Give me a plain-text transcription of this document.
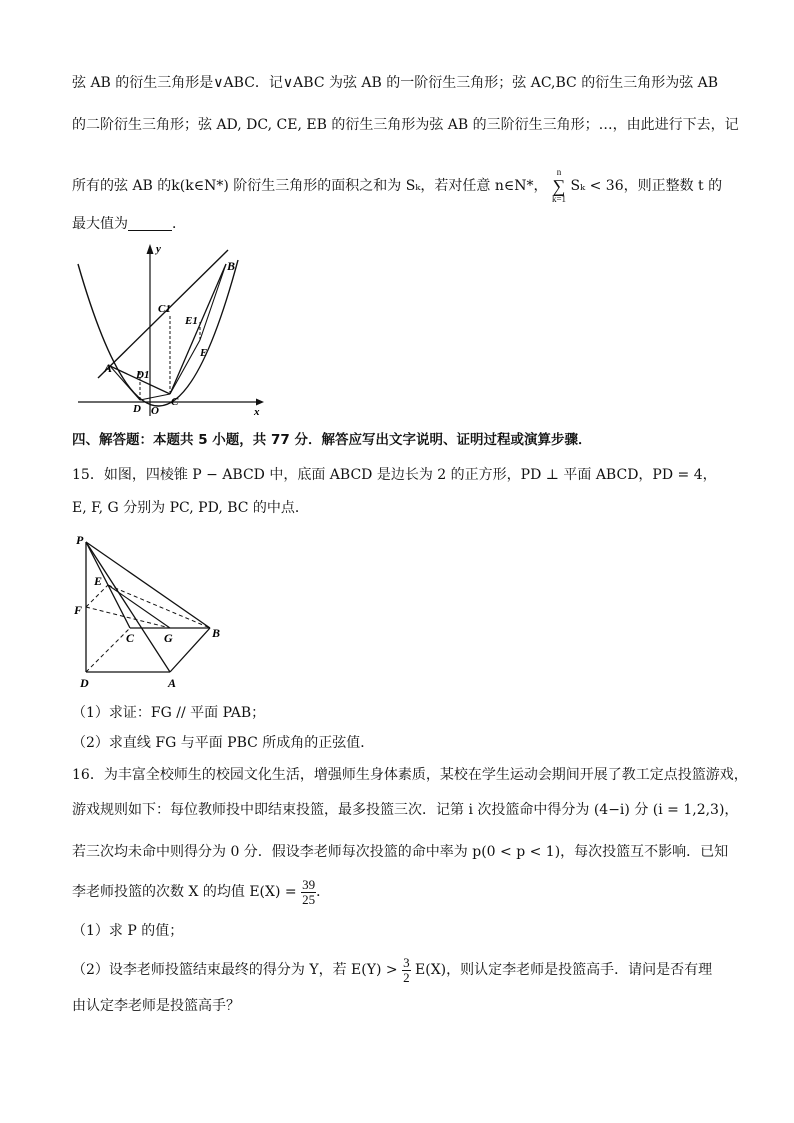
弦 AB 的衍生三角形是∨ABC．记∨ABC 为弦 AB 的一阶衍生三角形；弦 AC,BC 的衍生三角形为弦 AB
的二阶衍生三角形；弦 AD, DC, CE, EB 的衍生三角形为弦 AB 的三阶衍生三角形；…，由此进行下去，记
所有的弦 AB 的k(k∈N*) 阶衍生三角形的面积之和为 Sₖ，若对任意 n∈N*，
n
∑
k=1
Sₖ < 36，则正整数 t 的
最大值为	．
y
x
B
C1
E1
E
A D1
D O
C
四、解答题：本题共 5 小题，共 77 分．解答应写出文字说明、证明过程或演算步骤．
15．如图，四棱锥 P − ABCD 中，底面 ABCD 是边长为 2 的正方形，PD ⊥ 平面 ABCD，PD = 4，
E, F, G 分别为 PC, PD, BC 的中点．
P
E
F
C G	B
D	A
（1）求证：FG // 平面 PAB；
（2）求直线 FG 与平面 PBC 所成角的正弦值．
16．为丰富全校师生的校园文化生活，增强师生身体素质，某校在学生运动会期间开展了教工定点投篮游戏，
游戏规则如下：每位教师投中即结束投篮，最多投篮三次．记第 i 次投篮命中得分为 (4−i) 分 (i = 1,2,3)，
若三次均未命中则得分为 0 分．假设李老师每次投篮的命中率为 p(0 < p < 1)，每次投篮互不影响．已知
李老师投篮的次数 X 的均值 $E(X) = \frac{39}{25}$ ．
（1）求 P 的值；
（2）设李老师投篮结束最终的得分为 Y，若 $E(Y) > \frac{3}{2} E(X)$，则认定李老师是投篮高手．请问是否有理
由认定李老师是投篮高手？
